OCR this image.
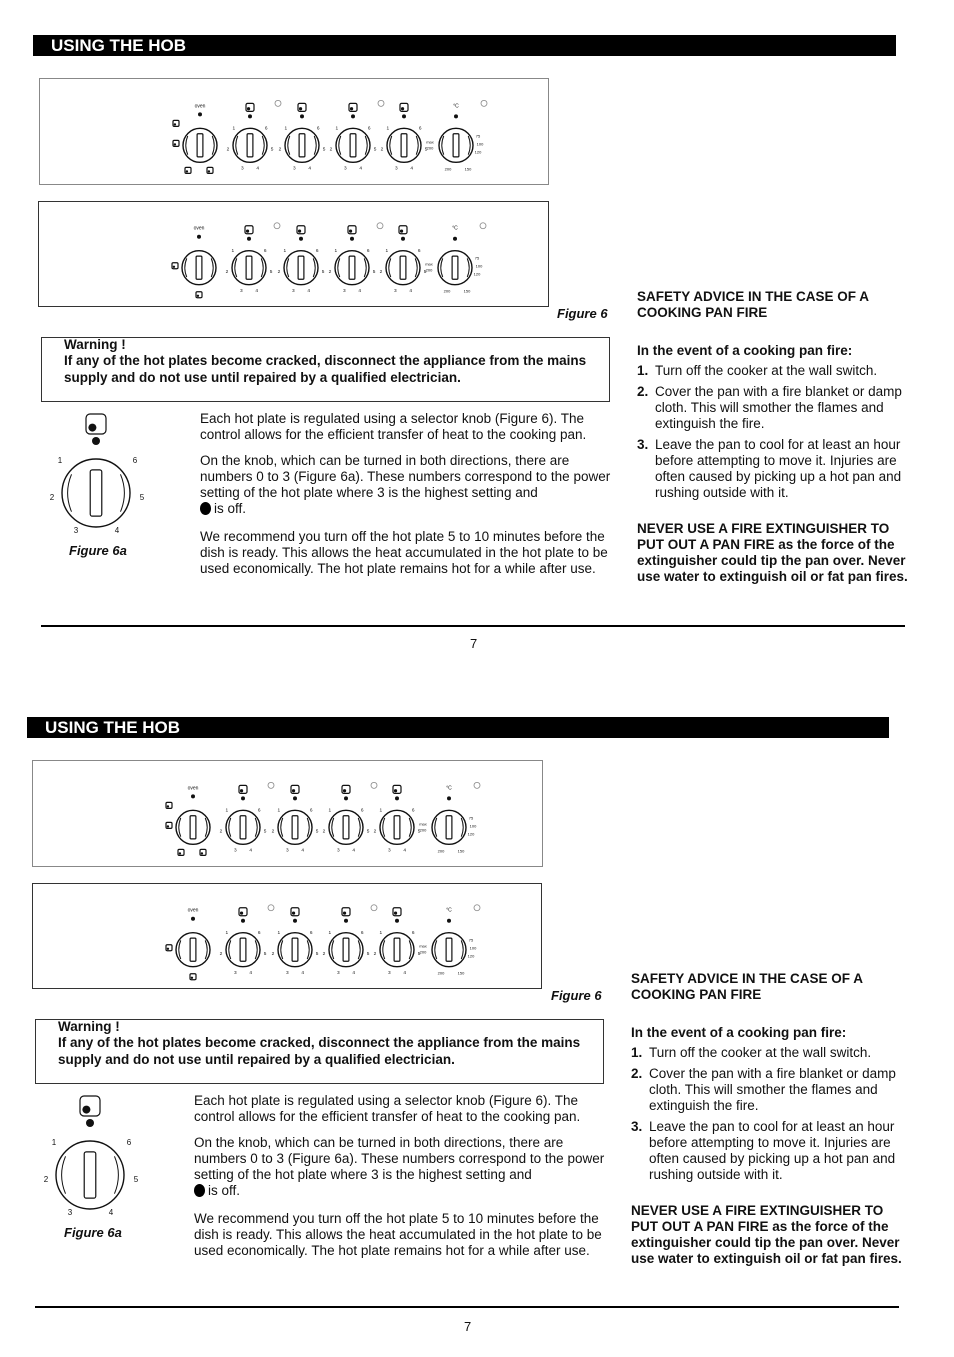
USING THE HOB
oven
1	6
2	5
3	4
1	6
2	5
3	4
1	6
2	5
3	4
1	6
2	5
3	4
°C
max
200
75
100
120
200	150
oven
1	6
2	5
3	4
1	6
2	5
3	4
1	6
2	5
3	4
1	6
2	5
3	4
°C
max
200
75
100
120
200	150
Figure 6
Warning !
If any of the hot plates become cracked, disconnect the appliance from the mains supply and do not use until repaired by a qualified electrician.
1	6
2	5
3	4
Figure 6a

Each hot plate is regulated using a selector knob (Figure 6). The control allows for the efficient transfer of heat to the cooking pan.

On the knob, which can be turned in both directions, there are numbers 0 to 3 (Figure 6a). These numbers correspond to the power setting of the hot plate where 3 is the highest setting and
is off.

We recommend you turn off the hot plate 5 to 10 minutes before the dish is ready. This allows the heat accumulated in the hot plate to be used economically. The hot plate remains hot for a while after use.

SAFETY ADVICE IN THE CASE OF A COOKING PAN FIRE

In the event of a cooking pan fire:

1. Turn off the cooker at the wall switch.
2. Cover the pan with a fire blanket or damp cloth. This will smother the flames and extinguish the fire.
3. Leave the pan to cool for at least an hour before attempting to move it. Injuries are often caused by picking up a hot pan and rushing outside with it.

NEVER USE A FIRE EXTINGUISHER TO PUT OUT A PAN FIRE as the force of the extinguisher could tip the pan over. Never use water to extinguish oil or fat pan fires.

7
USING THE HOB
oven
1	6
2	5
3	4
1	6
2	5
3	4
1	6
2	5
3	4
1	6
2	5
3	4
°C
max
200
75
100
120
200	150
oven
1	6
2	5
3	4
1	6
2	5
3	4
1	6
2	5
3	4
1	6
2	5
3	4
°C
max
200
75
100
120
200	150
Figure 6
Warning !
If any of the hot plates become cracked, disconnect the appliance from the mains supply and do not use until repaired by a qualified electrician.
1	6
2	5
3	4
Figure 6a

Each hot plate is regulated using a selector knob (Figure 6). The control allows for the efficient transfer of heat to the cooking pan.

On the knob, which can be turned in both directions, there are numbers 0 to 3 (Figure 6a). These numbers correspond to the power setting of the hot plate where 3 is the highest setting and
is off.

We recommend you turn off the hot plate 5 to 10 minutes before the dish is ready. This allows the heat accumulated in the hot plate to be used economically. The hot plate remains hot for a while after use.

SAFETY ADVICE IN THE CASE OF A COOKING PAN FIRE

In the event of a cooking pan fire:

1. Turn off the cooker at the wall switch.
2. Cover the pan with a fire blanket or damp cloth. This will smother the flames and extinguish the fire.
3. Leave the pan to cool for at least an hour before attempting to move it. Injuries are often caused by picking up a hot pan and rushing outside with it.

NEVER USE A FIRE EXTINGUISHER TO PUT OUT A PAN FIRE as the force of the extinguisher could tip the pan over. Never use water to extinguish oil or fat pan fires.

7
